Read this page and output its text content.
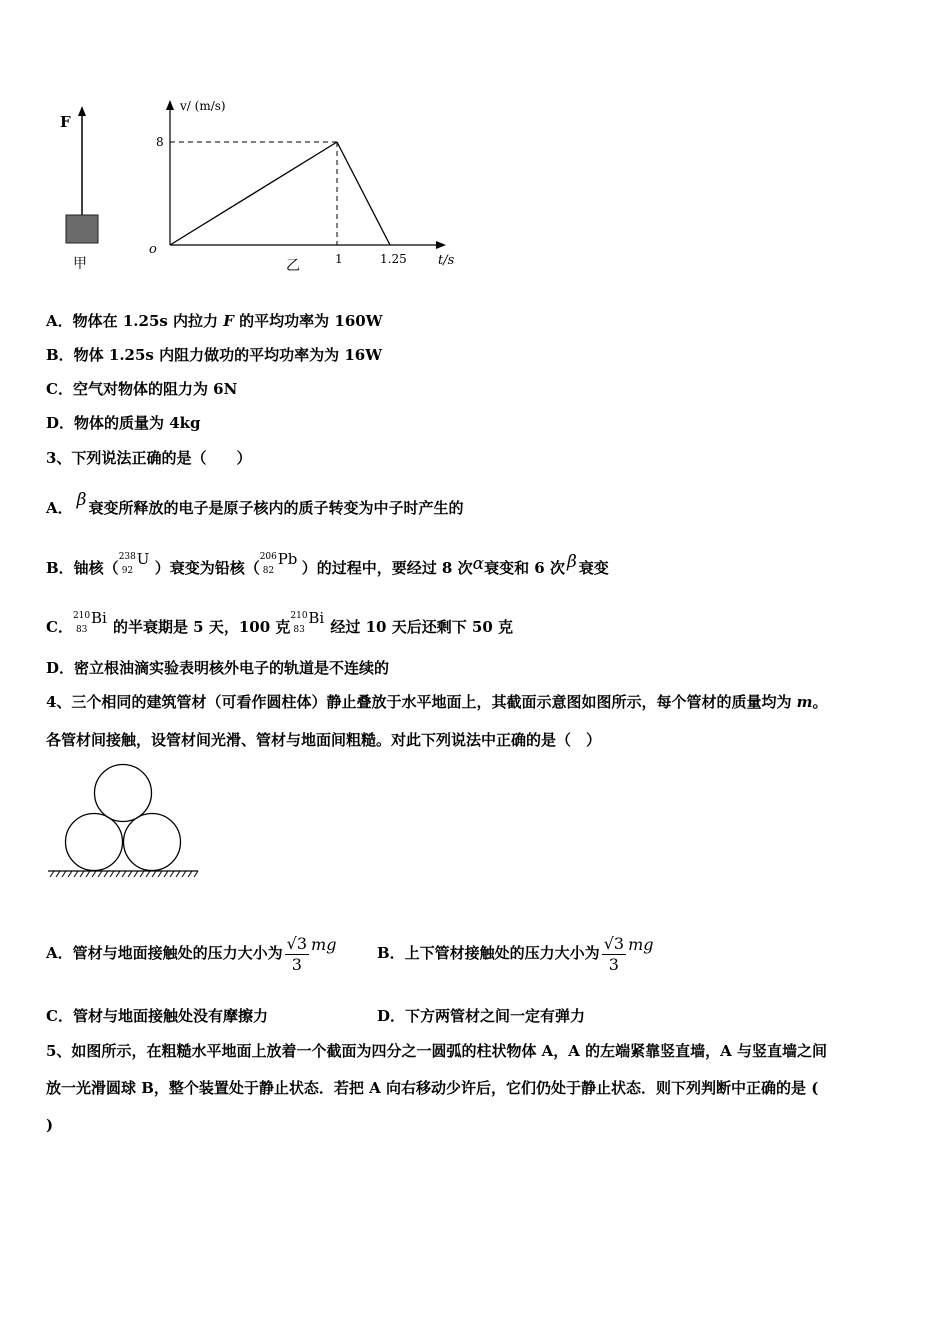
F
甲
v/ (m/s)
t/s
o
8
1	1.25
乙
A．物体在 1.25s 内拉力 F 的平均功率为 160W
B．物体 1.25s 内阻力做功的平均功率为为 16W
C．空气对物体的阻力为 6N
D．物体的质量为 4kg
3、下列说法正确的是（　　）
A． β 衰变所释放的电子是原子核内的质子转变为中子时产生的
B．铀核（
238
92
U ）衰变为铅核（
206
82
Pb ）的过程中，要经过 8 次α衰变和 6 次 β 衰变
C．
210
83
Bi 的半衰期是 5 天，100 克
210
83
Bi 经过 10 天后还剩下 50 克
D．密立根油滴实验表明核外电子的轨道是不连续的
4、三个相同的建筑管材（可看作圆柱体）静止叠放于水平地面上，其截面示意图如图所示，每个管材的质量均为 m。
各管材间接触，设管材间光滑、管材与地面间粗糙。对此下列说法中正确的是（　）
A．管材与地面接触处的压力大小为 $\frac{√3}{3}$ mg	B．上下管材接触处的压力大小为 $\frac{√3}{3}$ mg
C．管材与地面接触处没有摩擦力	D．下方两管材之间一定有弹力
5、如图所示，在粗糙水平地面上放着一个截面为四分之一圆弧的柱状物体 A，A 的左端紧靠竖直墙，A 与竖直墙之间
放一光滑圆球 B，整个装置处于静止状态．若把 A 向右移动少许后，它们仍处于静止状态．则下列判断中正确的是 (
)
